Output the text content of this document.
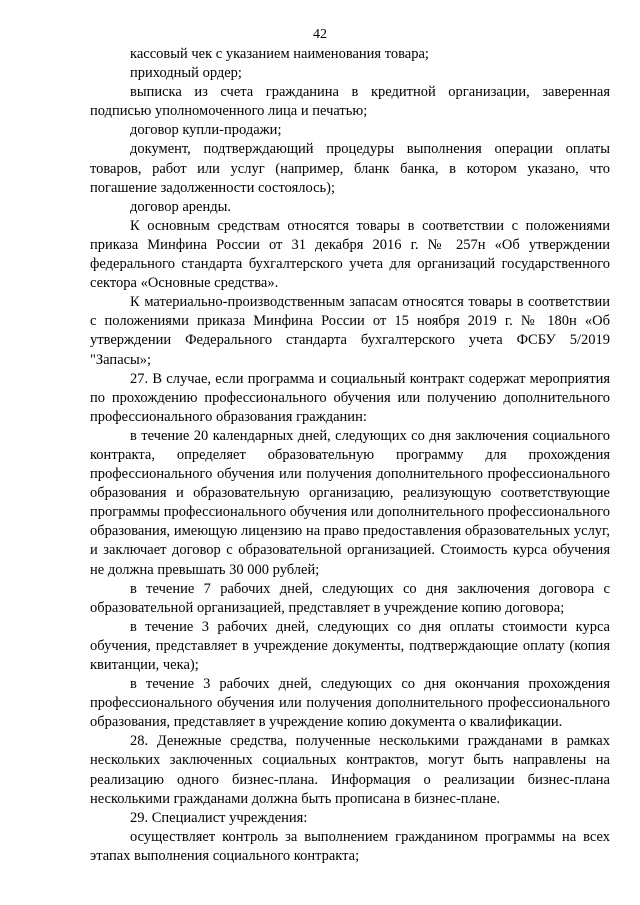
42

кассовый чек с указанием наименования товара;

приходный ордер;

выписка из счета гражданина в кредитной организации, заверенная подписью уполномоченного лица и печатью;

договор купли-продажи;

документ, подтверждающий процедуры выполнения операции оплаты товаров, работ или услуг (например, бланк банка, в котором указано, что погашение задолженности состоялось);

договор аренды.

К основным средствам относятся товары в соответствии с положениями приказа Минфина России от 31 декабря 2016 г. № 257н «Об утверждении федерального стандарта бухгалтерского учета для организаций государственного сектора «Основные средства».

К материально-производственным запасам относятся товары в соответствии с положениями приказа Минфина России от 15 ноября 2019 г. № 180н «Об утверждении Федерального стандарта бухгалтерского учета ФСБУ 5/2019 "Запасы»;

27. В случае, если программа и социальный контракт содержат мероприятия по прохождению профессионального обучения или получению дополнительного профессионального образования гражданин:

в течение 20 календарных дней, следующих со дня заключения социального контракта, определяет образовательную программу для прохождения профессионального обучения или получения дополнительного профессионального образования и образовательную организацию, реализующую соответствующие программы профессионального обучения или дополнительного профессионального образования, имеющую лицензию на право предоставления образовательных услуг, и заключает договор с образовательной организацией. Стоимость курса обучения не должна превышать 30 000 рублей;

в течение 7 рабочих дней, следующих со дня заключения договора с образовательной организацией, представляет в учреждение копию договора;

в течение 3 рабочих дней, следующих со дня оплаты стоимости курса обучения, представляет в учреждение документы, подтверждающие оплату (копия квитанции, чека);

в течение 3 рабочих дней, следующих со дня окончания прохождения профессионального обучения или получения дополнительного профессионального образования, представляет в учреждение копию документа о квалификации.

28. Денежные средства, полученные несколькими гражданами в рамках нескольких заключенных социальных контрактов, могут быть направлены на реализацию одного бизнес-плана. Информация о реализации бизнес-плана несколькими гражданами должна быть прописана в бизнес-плане.

29. Специалист учреждения:

осуществляет контроль за выполнением гражданином программы на всех этапах выполнения социального контракта;
